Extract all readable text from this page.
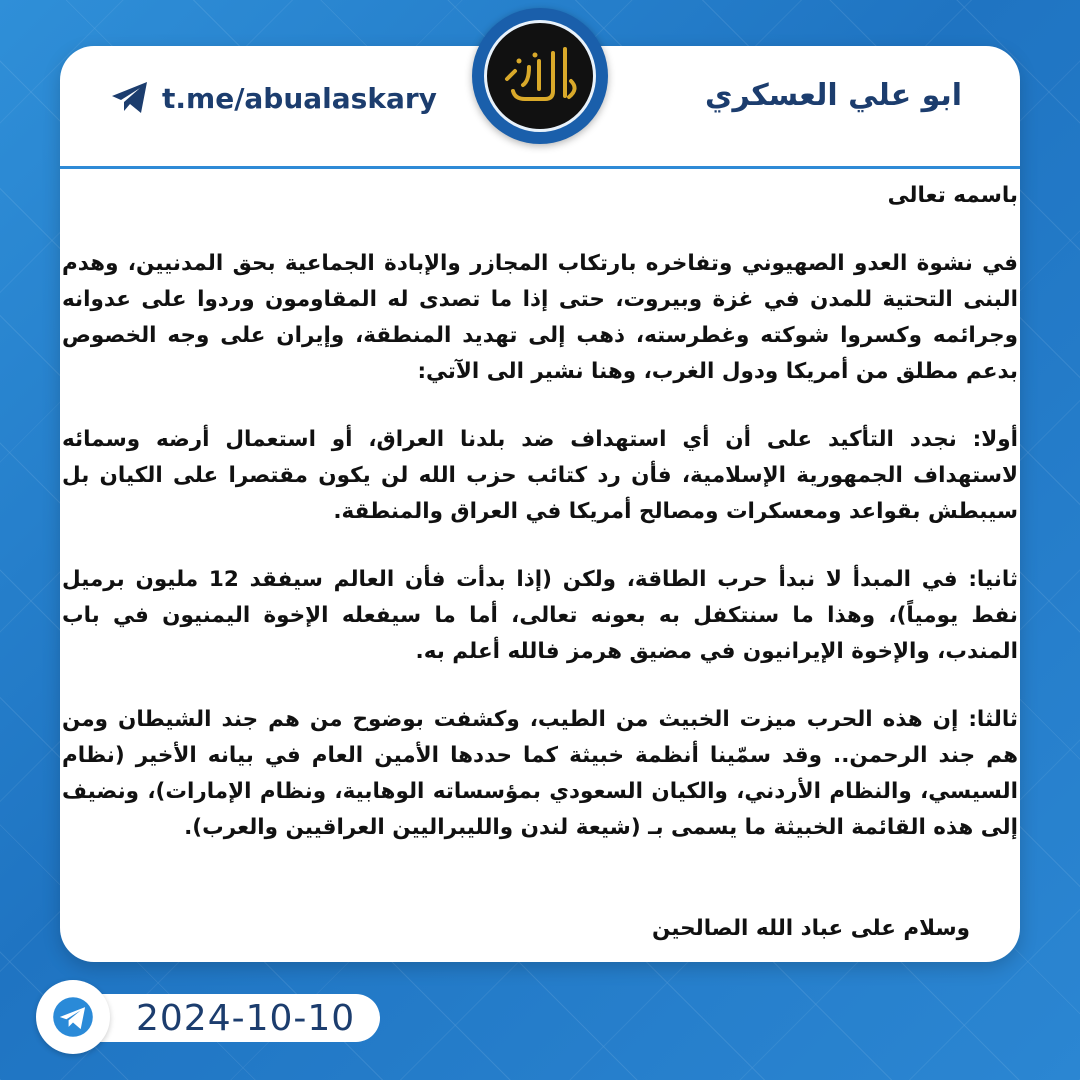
t.me/abualaskary	ابو علي العسكري

باسمه تعالى

في نشوة العدو الصهيوني وتفاخره بارتكاب المجازر والإبادة الجماعية بحق المدنيين، وهدم البنى التحتية للمدن في غزة وبيروت، حتى إذا ما تصدى له المقاومون وردوا على عدوانه وجرائمه وكسروا شوكته وغطرسته، ذهب إلى تهديد المنطقة، وإيران على وجه الخصوص بدعم مطلق من أمريكا ودول الغرب، وهنا نشير الى الآتي:

أولا: نجدد التأكيد على أن أي استهداف ضد بلدنا العراق، أو استعمال أرضه وسمائه لاستهداف الجمهورية الإسلامية، فأن رد كتائب حزب الله لن يكون مقتصرا على الكيان بل سيبطش بقواعد ومعسكرات ومصالح أمريكا في العراق والمنطقة.

ثانيا: في المبدأ لا نبدأ حرب الطاقة، ولكن (إذا بدأت فأن العالم سيفقد 12 مليون برميل نفط يومياً)، وهذا ما سنتكفل به بعونه تعالى، أما ما سيفعله الإخوة اليمنيون في باب المندب، والإخوة الإيرانيون في مضيق هرمز فالله أعلم به.

ثالثا: إن هذه الحرب ميزت الخبيث من الطيب، وكشفت بوضوح من هم جند الشيطان ومن هم جند الرحمن.. وقد سمّينا أنظمة خبيثة كما حددها الأمين العام في بيانه الأخير (نظام السيسي، والنظام الأردني، والكيان السعودي بمؤسساته الوهابية، ونظام الإمارات)، ونضيف إلى هذه القائمة الخبيثة ما يسمى بـ (شيعة لندن والليبراليين العراقيين والعرب).

وسلام على عباد الله الصالحين
2024-10-10
